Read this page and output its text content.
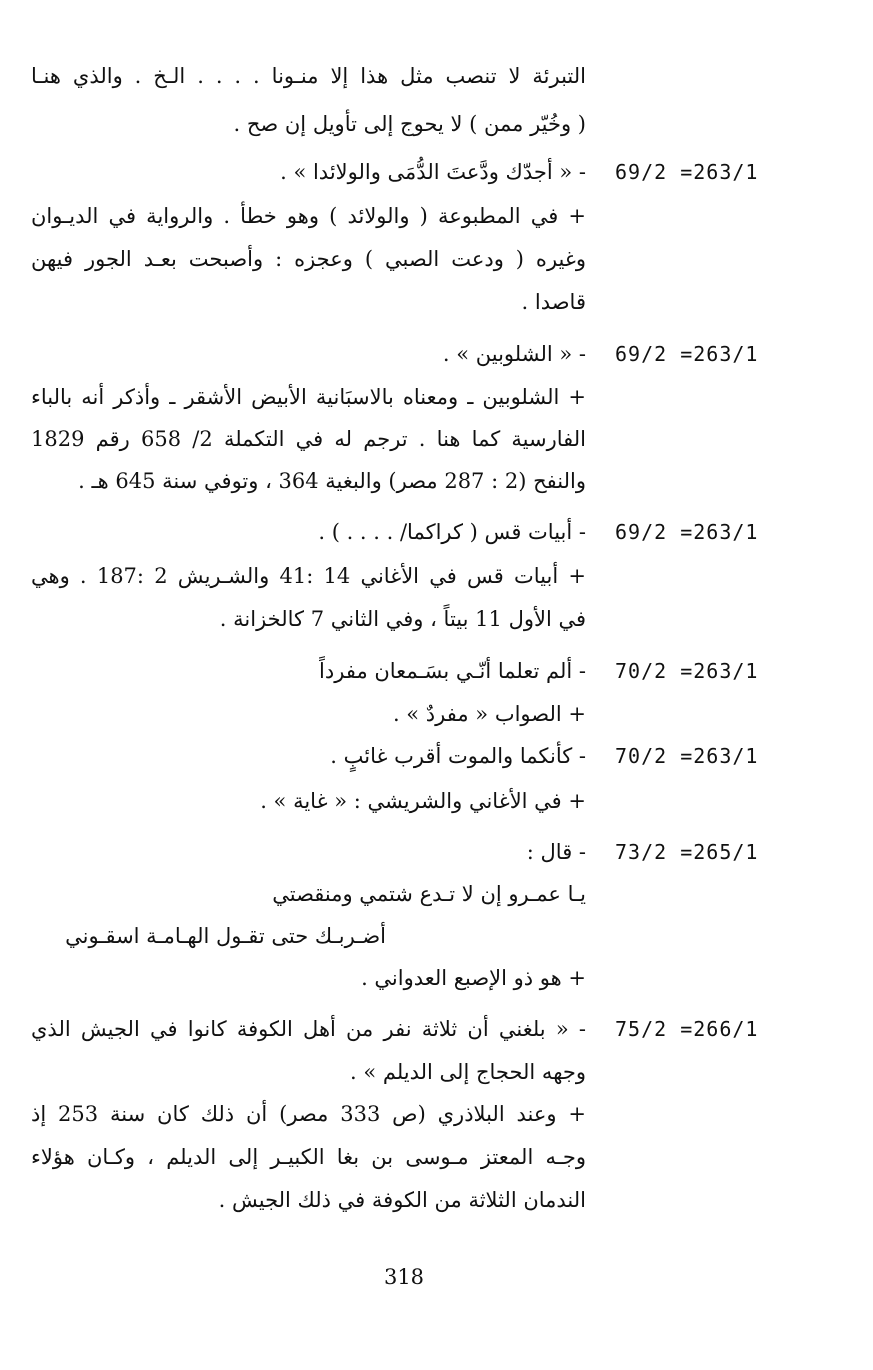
التبرئة لا تنصب مثل هذا إلا منـونا . . . . الـخ . والذي هنـا
( وخُيّر ممن ) لا يحوج إلى تأويل إن صح .
69/2 =263/1
- « أجدّك ودَّعتَ الدُّمَى والولائدا » .
+ في المطبوعة ( والولائد ) وهو خطأ . والرواية في الديـوان
وغيره ( ودعت الصبي ) وعجزه : وأصبحت بعـد الجور فيهن
قاصدا .
69/2 =263/1
- « الشلوبين » .
+ الشلوبين ـ ومعناه بالاسبَانية الأبيض الأشقر ـ وأذكر أنه بالباء
الفارسية كما هنا . ترجم له في التكملة 2/ 658 رقم 1829
والنفح (2 : 287 مصر) والبغية 364 ، وتوفي سنة 645 هـ .
69/2 =263/1
- أبيات قس ( كراكما/ . . . . ) .
+ أبيات قس في الأغاني 14 :41 والشـريش 2 :187 . وهي
في الأول 11 بيتاً ، وفي الثاني 7 كالخزانة .
70/2 =263/1
- ألم تعلما أنّـي بسَـمعان مفرداً
+ الصواب « مفردٌ » .
70/2 =263/1
- كأنكما والموت أقرب غائبٍ .
+ في الأغاني والشريشي : « غاية » .
73/2 =265/1
- قال :
يـا عمـرو إن لا تـدع شتمي ومنقصتي
أضـربـك حتى تقـول الهـامـة اسقـوني
+ هو ذو الإصبع العدواني .
75/2 =266/1
- « بلغني أن ثلاثة نفر من أهل الكوفة كانوا في الجيش الذي
وجهه الحجاج إلى الديلم » .
+ وعند البلاذري (ص 333 مصر) أن ذلك كان سنة 253 إذ
وجـه المعتز مـوسى بن بغا الكبيـر إلى الديلم ، وكـان هؤلاء
الندمان الثلاثة من الكوفة في ذلك الجيش .
318
